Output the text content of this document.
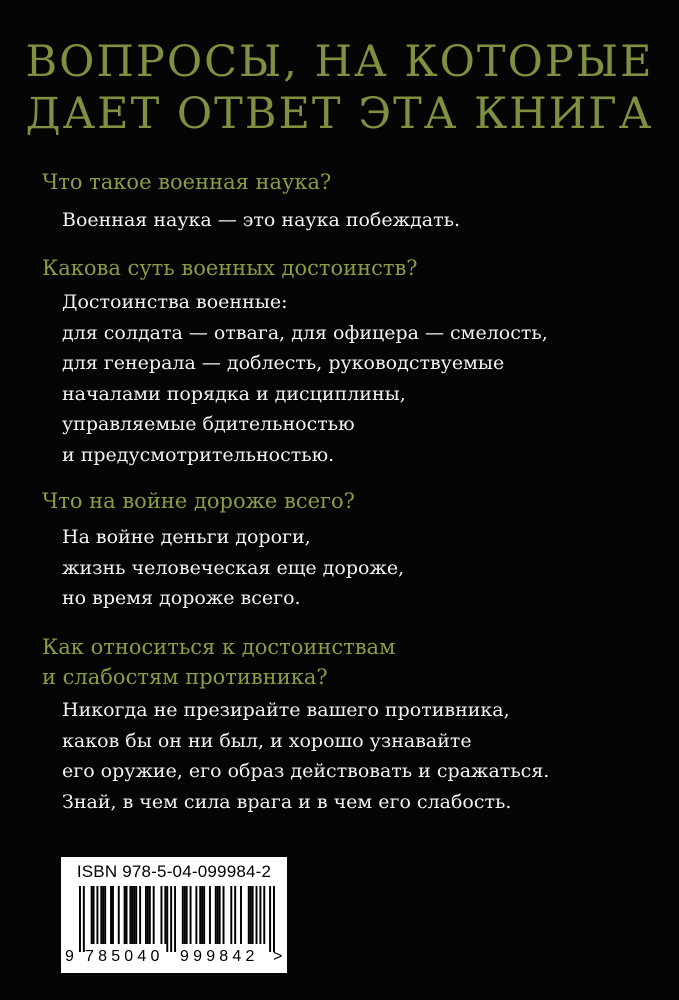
ВОПРОСЫ, НА КОТОРЫЕ
ДАЕТ ОТВЕТ ЭТА КНИГА
Что такое военная наука?

Военная наука — это наука побеждать.

Какова суть военных достоинств?

Достоинства военные:
для солдата — отвага, для офицера — смелость,
для генерала — доблесть, руководствуемые
началами порядка и дисциплины,
управляемые бдительностью
и предусмотрительностью.

Что на войне дороже всего?

На войне деньги дороги,
жизнь человеческая еще дороже,
но время дороже всего.

Как относиться к достоинствам
и слабостям противника?

Никогда не презирайте вашего противника,
каков бы он ни был, и хорошо узнавайте
его оружие, его образ действовать и сражаться.
Знай, в чем сила врага и в чем его слабость.

ISBN 978-5-04-099984-2
9 785040 999842 >
